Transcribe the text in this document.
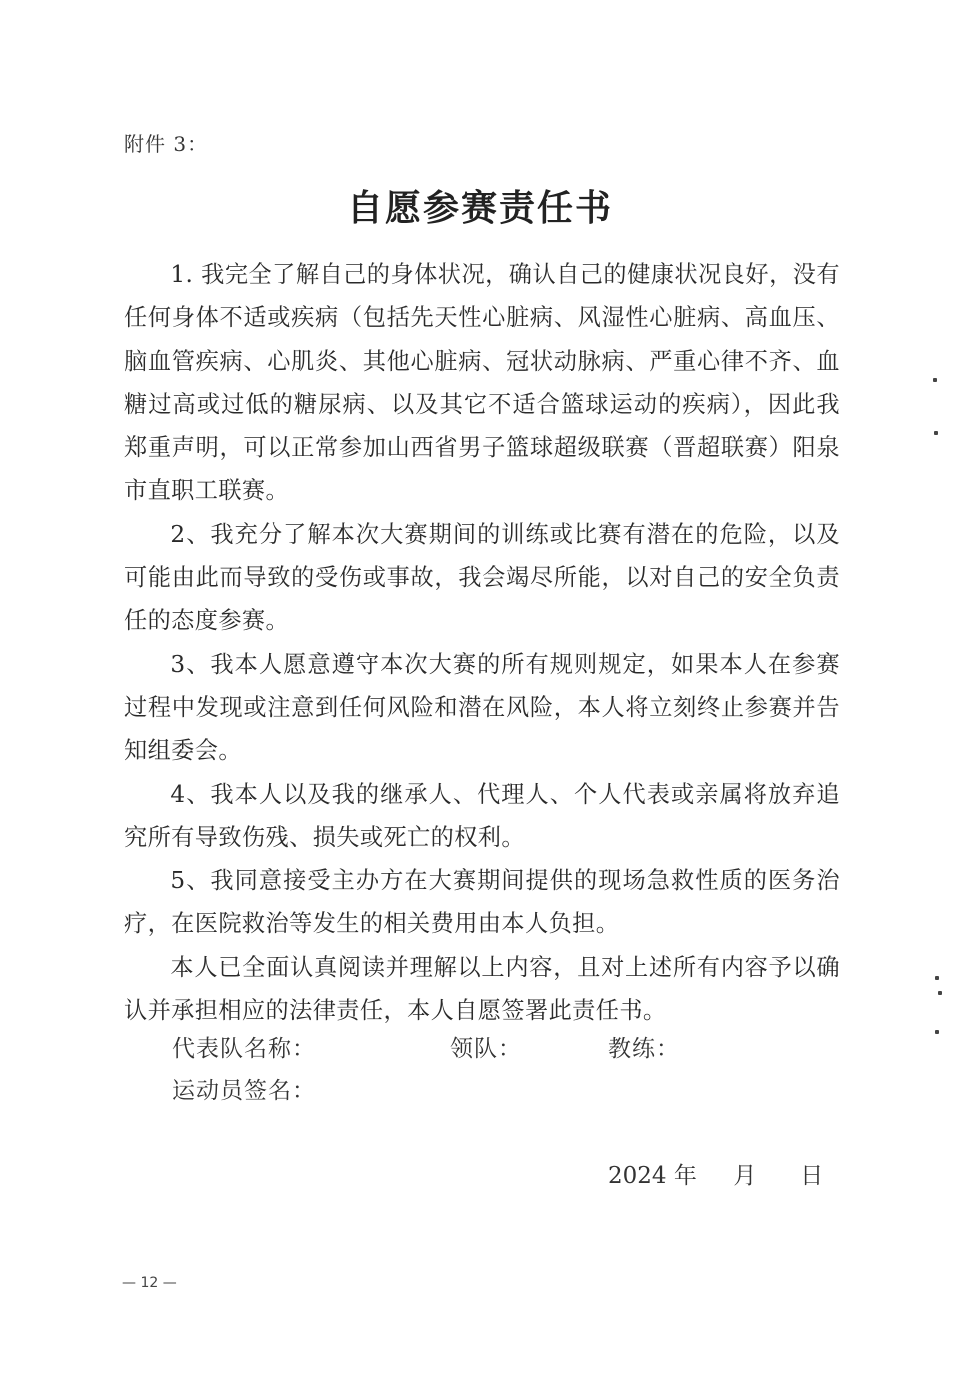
附件 3：
自愿参赛责任书

1. 我完全了解自己的身体状况，确认自己的健康状况良好，没有任何身体不适或疾病（包括先天性心脏病、风湿性心脏病、高血压、脑血管疾病、心肌炎、其他心脏病、冠状动脉病、严重心律不齐、血糖过高或过低的糖尿病、以及其它不适合篮球运动的疾病），因此我郑重声明，可以正常参加山西省男子篮球超级联赛（晋超联赛）阳泉市直职工联赛。

2、我充分了解本次大赛期间的训练或比赛有潜在的危险，以及可能由此而导致的受伤或事故，我会竭尽所能，以对自己的安全负责任的态度参赛。

3、我本人愿意遵守本次大赛的所有规则规定，如果本人在参赛过程中发现或注意到任何风险和潜在风险，本人将立刻终止参赛并告知组委会。

4、我本人以及我的继承人、代理人、个人代表或亲属将放弃追究所有导致伤残、损失或死亡的权利。

5、我同意接受主办方在大赛期间提供的现场急救性质的医务治疗，在医院救治等发生的相关费用由本人负担。

本人已全面认真阅读并理解以上内容，且对上述所有内容予以确认并承担相应的法律责任，本人自愿签署此责任书。

代表队名称：	领队：	教练：
运动员签名：
2024 年 月 日
— 12 —
